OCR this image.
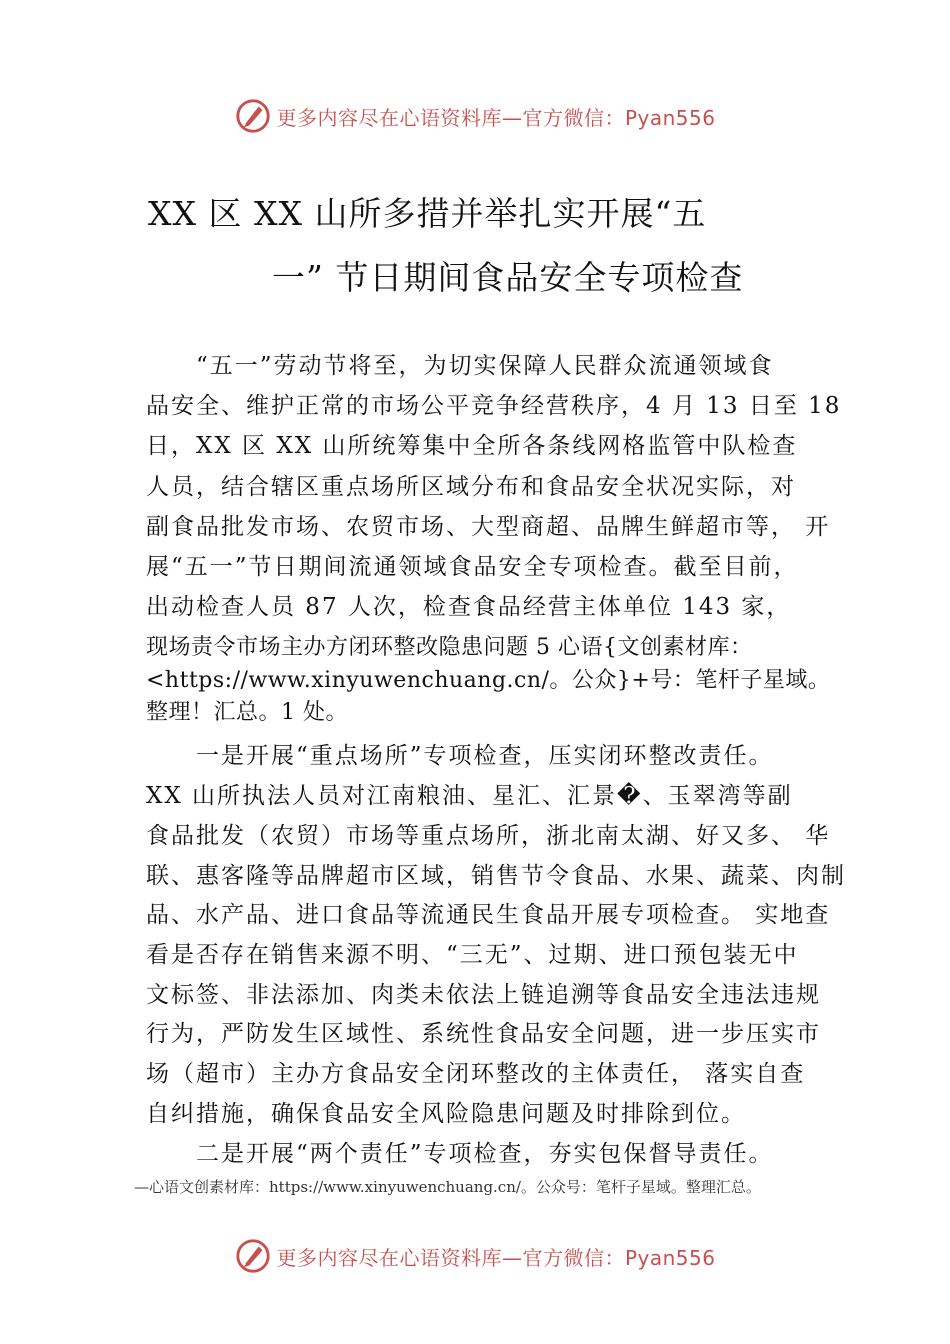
更多内容尽在心语资料库—官方微信：Pyan556
XX 区 XX 山所多措并举扎实开展“五
一” 节日期间食品安全专项检查
　　“五一”劳动节将至，为切实保障人民群众流通领域食
品安全、维护正常的市场公平竞争经营秩序，4 月 13 日至 18
日，XX 区 XX 山所统筹集中全所各条线网格监管中队检查
人员，结合辖区重点场所区域分布和食品安全状况实际，对
副食品批发市场、农贸市场、大型商超、品牌生鲜超市等， 开
展“五一”节日期间流通领域食品安全专项检查。截至目前，
出动检查人员 87 人次，检查食品经营主体单位 143 家，
现场责令市场主办方闭环整改隐患问题 5 心语{文创素材库：
<https://www.xinyuwenchuang.cn/。公众}+号：笔杆子星域。
整理！汇总。1 处。
　　一是开展“重点场所”专项检查，压实闭环整改责任。
XX 山所执法人员对江南粮油、星汇、汇景�、玉翠湾等副
食品批发（农贸）市场等重点场所，浙北南太湖、好又多、 华
联、惠客隆等品牌超市区域，销售节令食品、水果、蔬菜、肉制
品、水产品、进口食品等流通民生食品开展专项检查。 实地查
看是否存在销售来源不明、“三无”、过期、进口预包装无中
文标签、非法添加、肉类未依法上链追溯等食品安全违法违规
行为，严防发生区域性、系统性食品安全问题，进一步压实市
场（超市）主办方食品安全闭环整改的主体责任， 落实自查
自纠措施，确保食品安全风险隐患问题及时排除到位。
　　二是开展“两个责任”专项检查，夯实包保督导责任。
—心语文创素材库：https://www.xinyuwenchuang.cn/。公众号：笔杆子星域。整理汇总。
更多内容尽在心语资料库—官方微信：Pyan556
